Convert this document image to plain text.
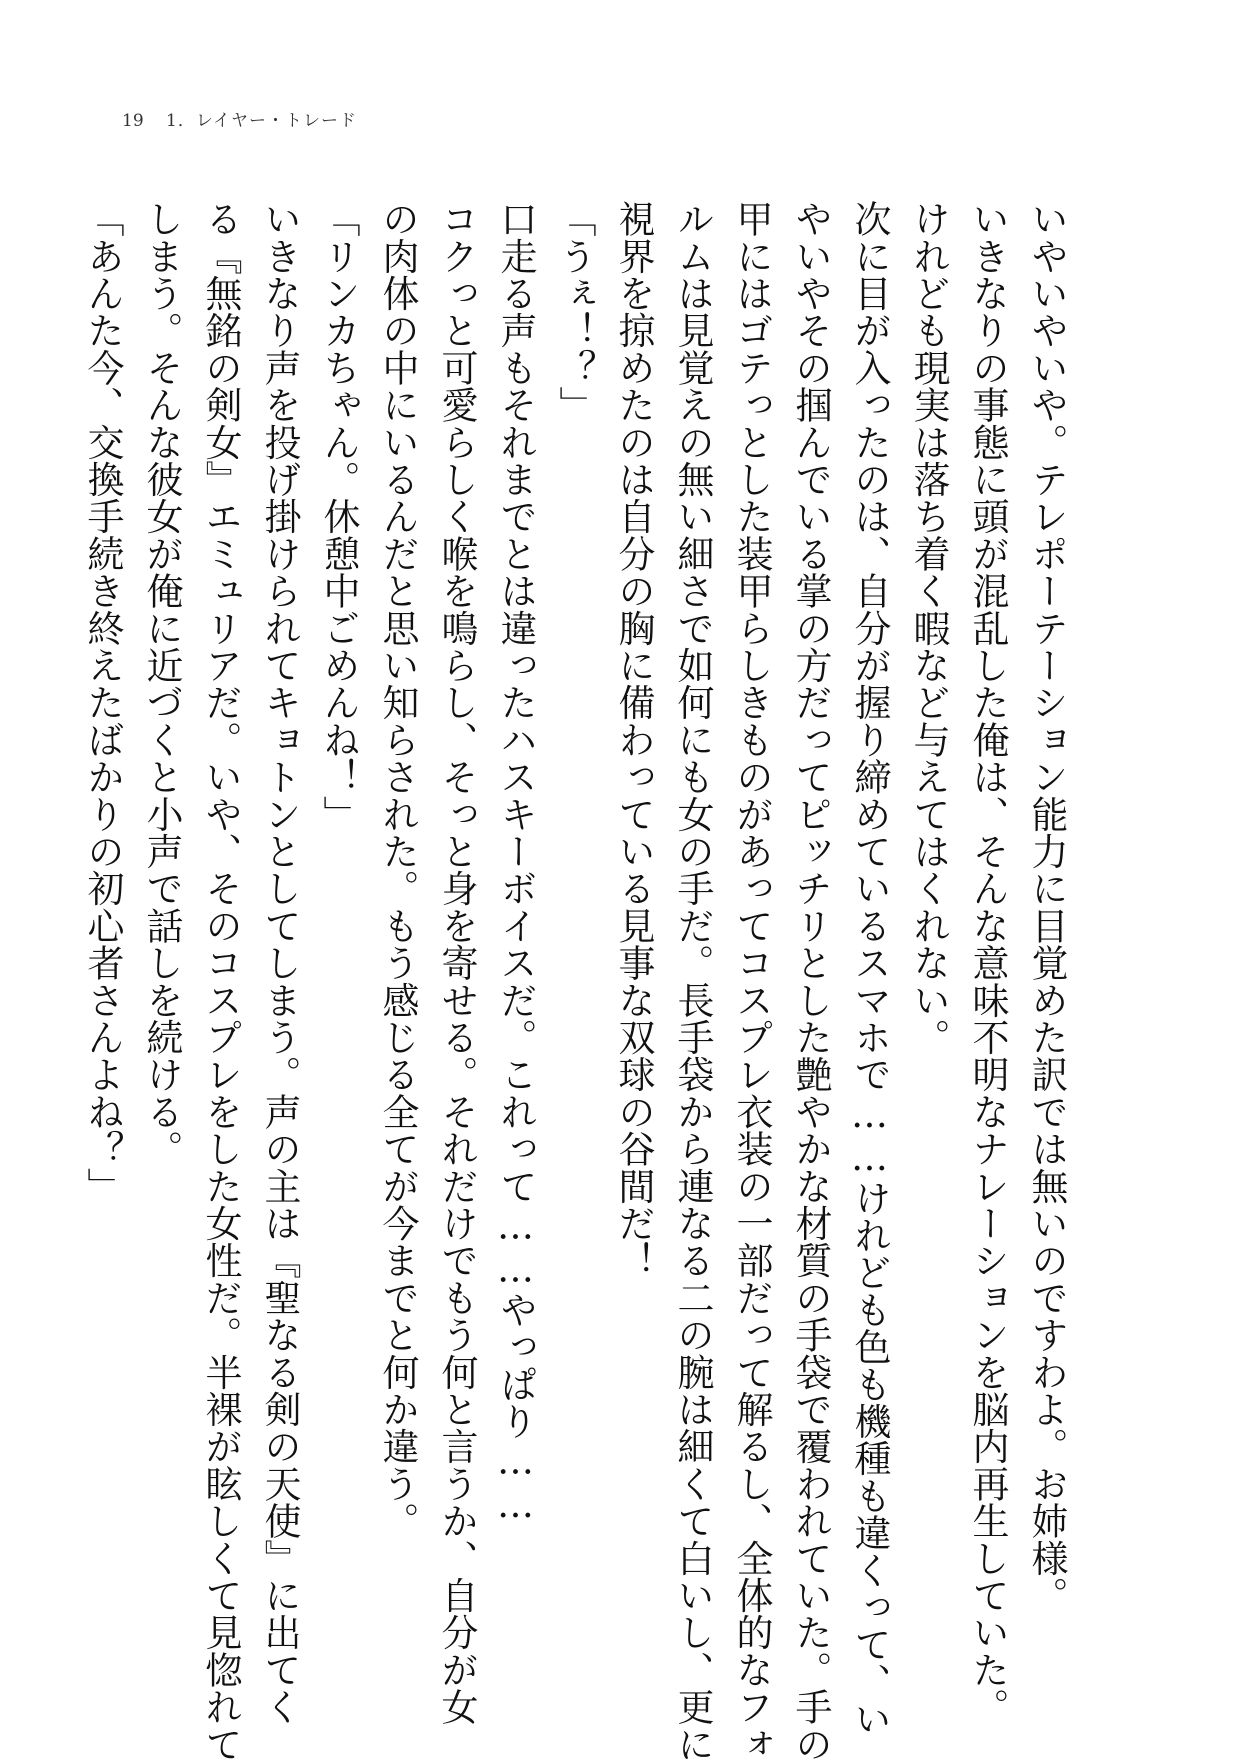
19	1．レイヤー・トレード

いやいやいや。テレポーテーション能力に目覚めた訳では無いのですわよ。お姉様。

いきなりの事態に頭が混乱した俺は、そんな意味不明なナレーションを脳内再生していた。

けれども現実は落ち着く暇など与えてはくれない。

次に目が入ったのは、自分が握り締めているスマホで……けれども色も機種も違くって、い

やいやその掴んでいる掌の方だってピッチリとした艶やかな材質の手袋で覆われていた。手の

甲にはゴテっとした装甲らしきものがあってコスプレ衣装の一部だって解るし、全体的なフォ

ルムは見覚えの無い細さで如何にも女の手だ。長手袋から連なる二の腕は細くて白いし、更に

視界を掠めたのは自分の胸に備わっている見事な双球の谷間だ！

「うぇ！？」

口走る声もそれまでとは違ったハスキーボイスだ。これって……やっぱり……

コクっと可愛らしく喉を鳴らし、そっと身を寄せる。それだけでもう何と言うか、自分が女

の肉体の中にいるんだと思い知らされた。もう感じる全てが今までと何か違う。

「リンカちゃん。休憩中ごめんね！」

いきなり声を投げ掛けられてキョトンとしてしまう。声の主は『聖なる剣の天使』に出てく

る『無銘の剣女』エミュリアだ。いや、そのコスプレをした女性だ。半裸が眩しくて見惚れて

しまう。そんな彼女が俺に近づくと小声で話しを続ける。

「あんた今、交換手続き終えたばかりの初心者さんよね？」
